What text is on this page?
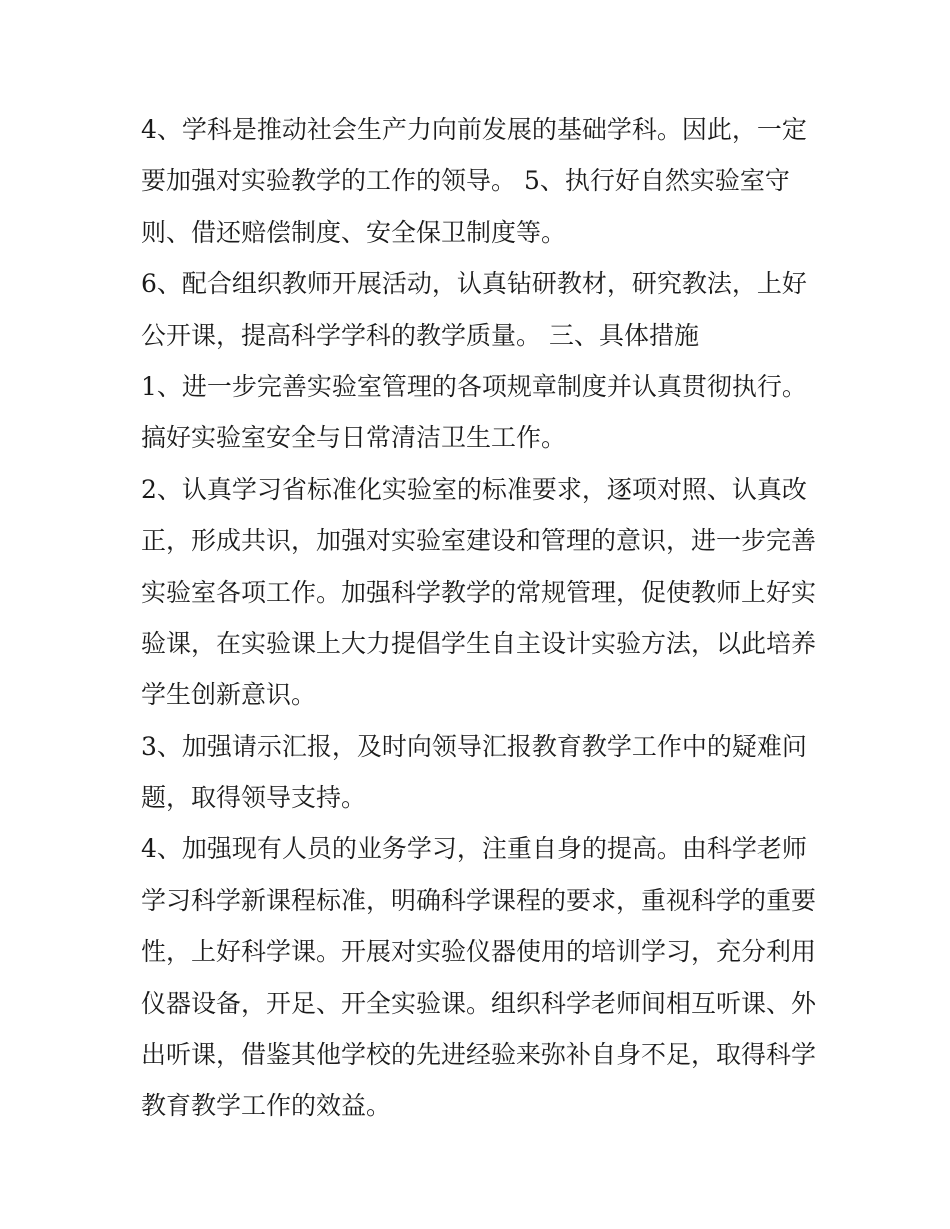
4、学科是推动社会生产力向前发展的基础学科。因此，一定
要加强对实验教学的工作的领导。 5、执行好自然实验室守
则、借还赔偿制度、安全保卫制度等。
6、配合组织教师开展活动，认真钻研教材，研究教法，上好
公开课，提高科学学科的教学质量。 三、具体措施
1、进一步完善实验室管理的各项规章制度并认真贯彻执行。
搞好实验室安全与日常清洁卫生工作。
2、认真学习省标准化实验室的标准要求，逐项对照、认真改
正，形成共识，加强对实验室建设和管理的意识，进一步完善
实验室各项工作。加强科学教学的常规管理，促使教师上好实
验课，在实验课上大力提倡学生自主设计实验方法，以此培养
学生创新意识。
3、加强请示汇报，及时向领导汇报教育教学工作中的疑难问
题，取得领导支持。
4、加强现有人员的业务学习，注重自身的提高。由科学老师
学习科学新课程标准，明确科学课程的要求，重视科学的重要
性，上好科学课。开展对实验仪器使用的培训学习，充分利用
仪器设备，开足、开全实验课。组织科学老师间相互听课、外
出听课，借鉴其他学校的先进经验来弥补自身不足，取得科学
教育教学工作的效益。
